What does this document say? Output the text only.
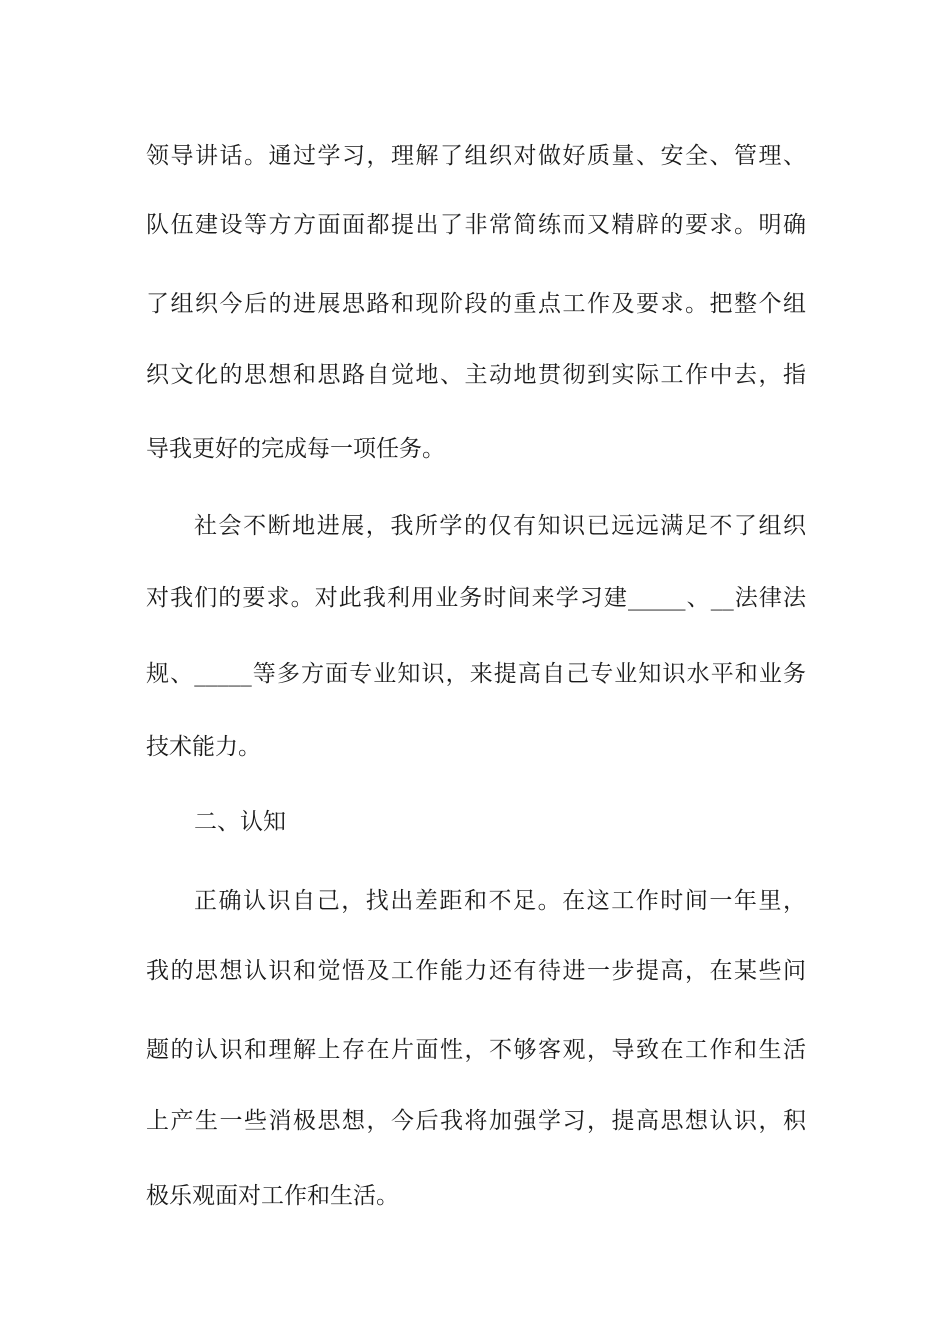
领导讲话。通过学习，理解了组织对做好质量、安全、管理、
队伍建设等方方面面都提出了非常简练而又精辟的要求。明确
了组织今后的进展思路和现阶段的重点工作及要求。把整个组
织文化的思想和思路自觉地、主动地贯彻到实际工作中去，指
导我更好的完成每一项任务。
社会不断地进展，我所学的仅有知识已远远满足不了组织
对我们的要求。对此我利用业务时间来学习建_____、__法律法
规、_____等多方面专业知识，来提高自己专业知识水平和业务
技术能力。
二、认知
正确认识自己，找出差距和不足。在这工作时间一年里，
我的思想认识和觉悟及工作能力还有待进一步提高，在某些问
题的认识和理解上存在片面性，不够客观，导致在工作和生活
上产生一些消极思想，今后我将加强学习，提高思想认识，积
极乐观面对工作和生活。
